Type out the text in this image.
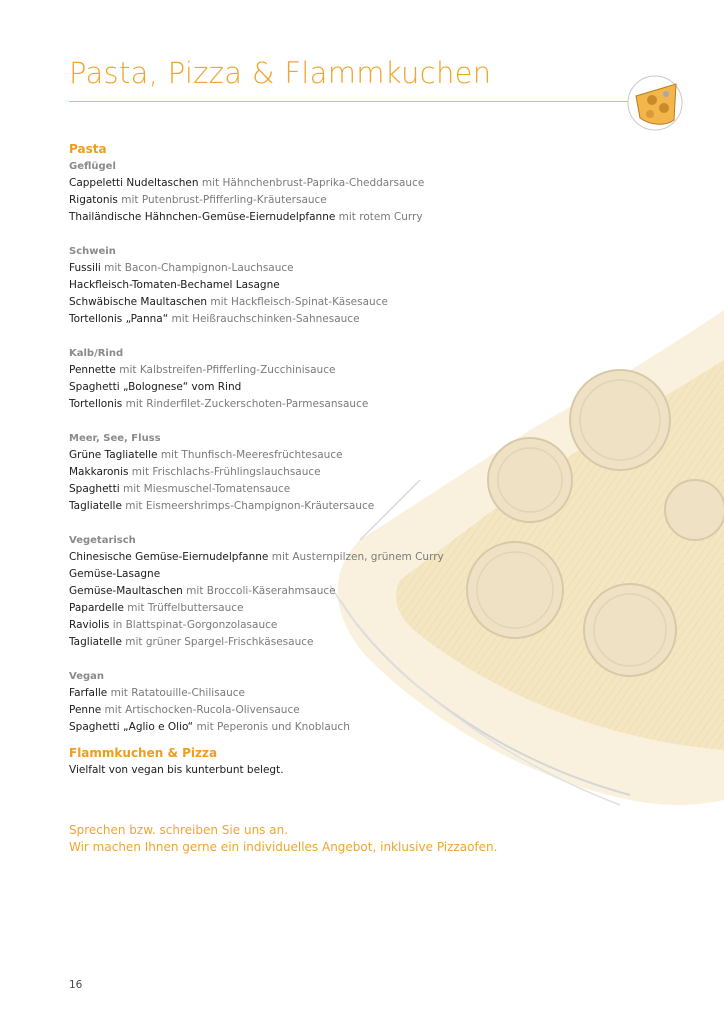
Pasta, Pizza & Flammkuchen
Pasta
Geflügel
Cappeletti Nudeltaschen mit Hähnchenbrust-Paprika-Cheddarsauce
Rigatonis mit Putenbrust-Pfifferling-Kräutersauce
Thailändische Hähnchen-Gemüse-Eiernudelpfanne mit rotem Curry
Schwein
Fussili mit Bacon-Champignon-Lauchsauce
Hackfleisch-Tomaten-Bechamel Lasagne
Schwäbische Maultaschen mit Hackfleisch-Spinat-Käsesauce
Tortellonis „Panna“ mit Heißrauchschinken-Sahnesauce
Kalb/Rind
Pennette mit Kalbstreifen-Pfifferling-Zucchinisauce
Spaghetti „Bolognese“ vom Rind
Tortellonis mit Rinderfilet-Zuckerschoten-Parmesansauce
Meer, See, Fluss
Grüne Tagliatelle mit Thunfisch-Meeresfrüchtesauce
Makkaronis mit Frischlachs-Frühlingslauchsauce
Spaghetti mit Miesmuschel-Tomatensauce
Tagliatelle mit Eismeershrimps-Champignon-Kräutersauce
Vegetarisch
Chinesische Gemüse-Eiernudelpfanne mit Austernpilzen, grünem Curry
Gemüse-Lasagne
Gemüse-Maultaschen mit Broccoli-Käserahmsauce
Papardelle mit Trüffelbuttersauce
Raviolis in Blattspinat-Gorgonzolasauce
Tagliatelle mit grüner Spargel-Frischkäsesauce
Vegan
Farfalle mit Ratatouille-Chilisauce
Penne mit Artischocken-Rucola-Olivensauce
Spaghetti „Aglio e Olio“ mit Peperonis und Knoblauch
Flammkuchen & Pizza
Vielfalt von vegan bis kunterbunt belegt.
Sprechen bzw. schreiben Sie uns an.
Wir machen Ihnen gerne ein individuelles Angebot, inklusive Pizzaofen.
16
